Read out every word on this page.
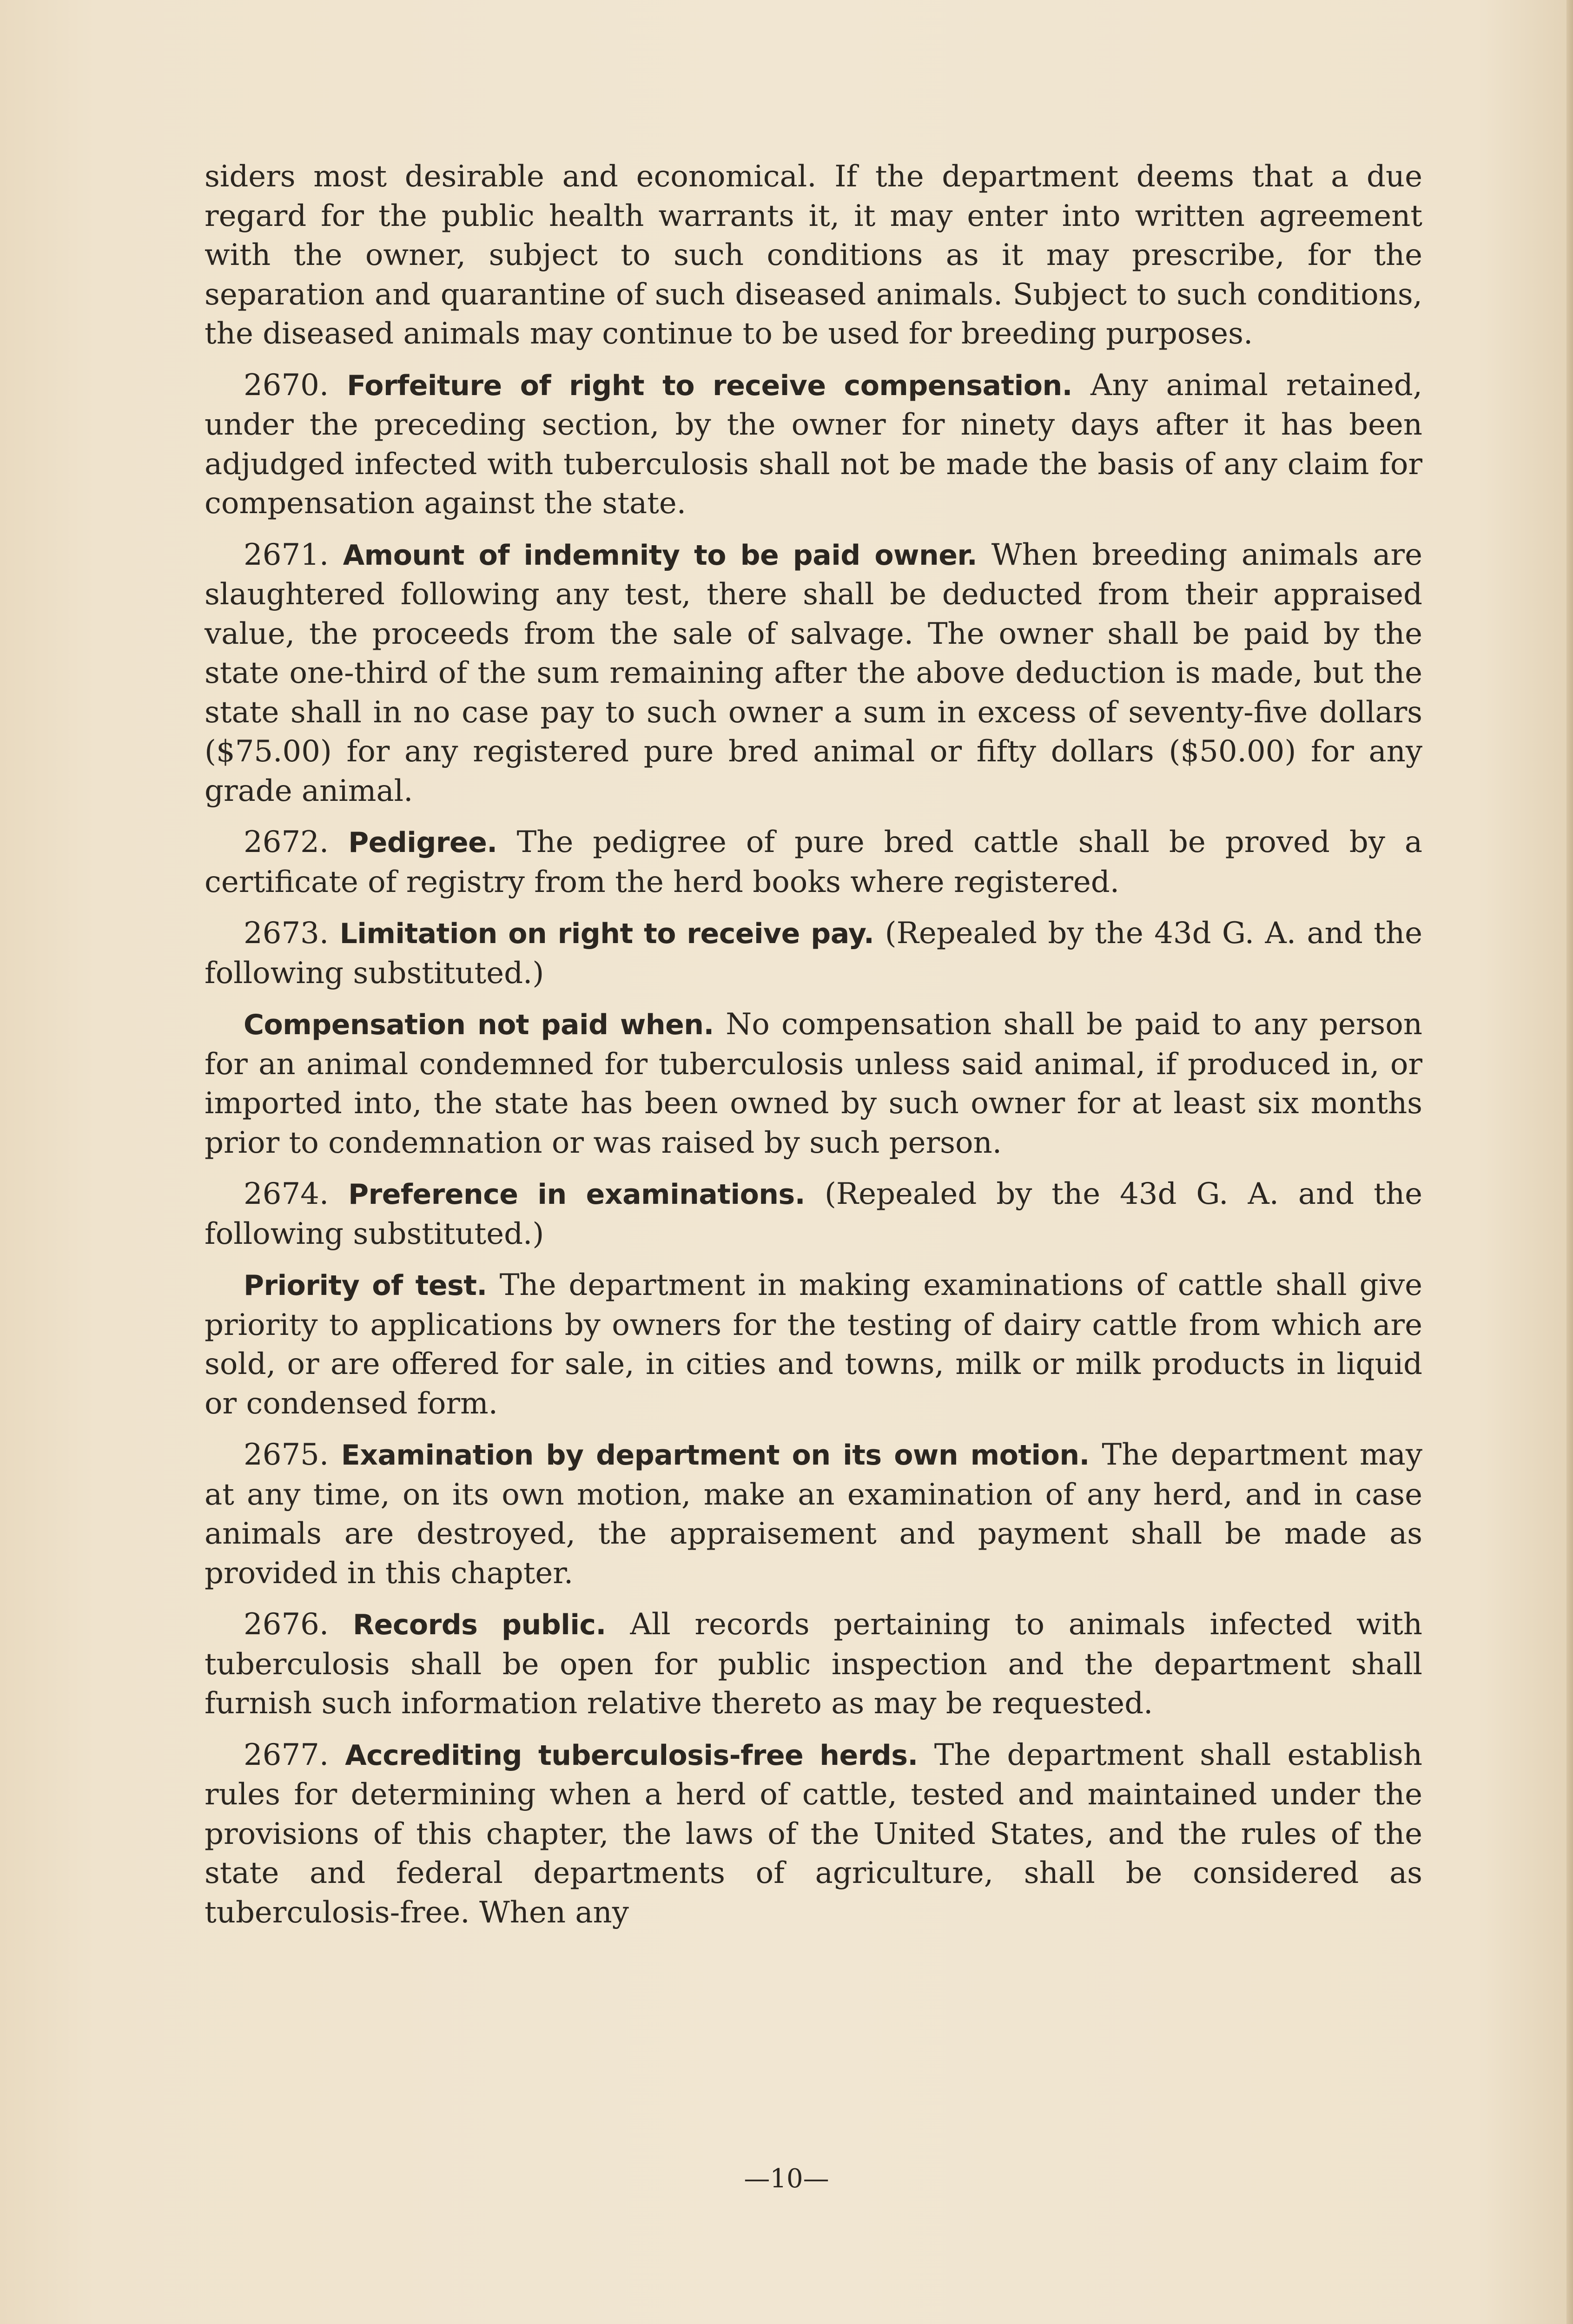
siders most desirable and economical. If the department deems that a due regard for the public health warrants it, it may enter into written agreement with the owner, subject to such conditions as it may prescribe, for the separation and quarantine of such diseased animals. Subject to such conditions, the diseased animals may continue to be used for breeding purposes.

2670. Forfeiture of right to receive compensation. Any animal retained, under the preceding section, by the owner for ninety days after it has been adjudged infected with tuberculosis shall not be made the basis of any claim for compensation against the state.

2671. Amount of indemnity to be paid owner. When breeding animals are slaughtered following any test, there shall be deducted from their appraised value, the proceeds from the sale of salvage. The owner shall be paid by the state one-third of the sum remaining after the above deduction is made, but the state shall in no case pay to such owner a sum in excess of seventy-five dollars ($75.00) for any registered pure bred animal or fifty dollars ($50.00) for any grade animal.

2672. Pedigree. The pedigree of pure bred cattle shall be proved by a certificate of registry from the herd books where registered.

2673. Limitation on right to receive pay. (Repealed by the 43d G. A. and the following substituted.)

Compensation not paid when. No compensation shall be paid to any person for an animal condemned for tuberculosis unless said animal, if produced in, or imported into, the state has been owned by such owner for at least six months prior to condemnation or was raised by such person.

2674. Preference in examinations. (Repealed by the 43d G. A. and the following substituted.)

Priority of test. The department in making examinations of cattle shall give priority to applications by owners for the testing of dairy cattle from which are sold, or are offered for sale, in cities and towns, milk or milk products in liquid or condensed form.

2675. Examination by department on its own motion. The department may at any time, on its own motion, make an examination of any herd, and in case animals are destroyed, the appraisement and payment shall be made as provided in this chapter.

2676. Records public. All records pertaining to animals infected with tuberculosis shall be open for public inspection and the department shall furnish such information relative thereto as may be requested.

2677. Accrediting tuberculosis-free herds. The department shall establish rules for determining when a herd of cattle, tested and maintained under the provisions of this chapter, the laws of the United States, and the rules of the state and federal departments of agriculture, shall be considered as tuberculosis-free. When any

—10—
